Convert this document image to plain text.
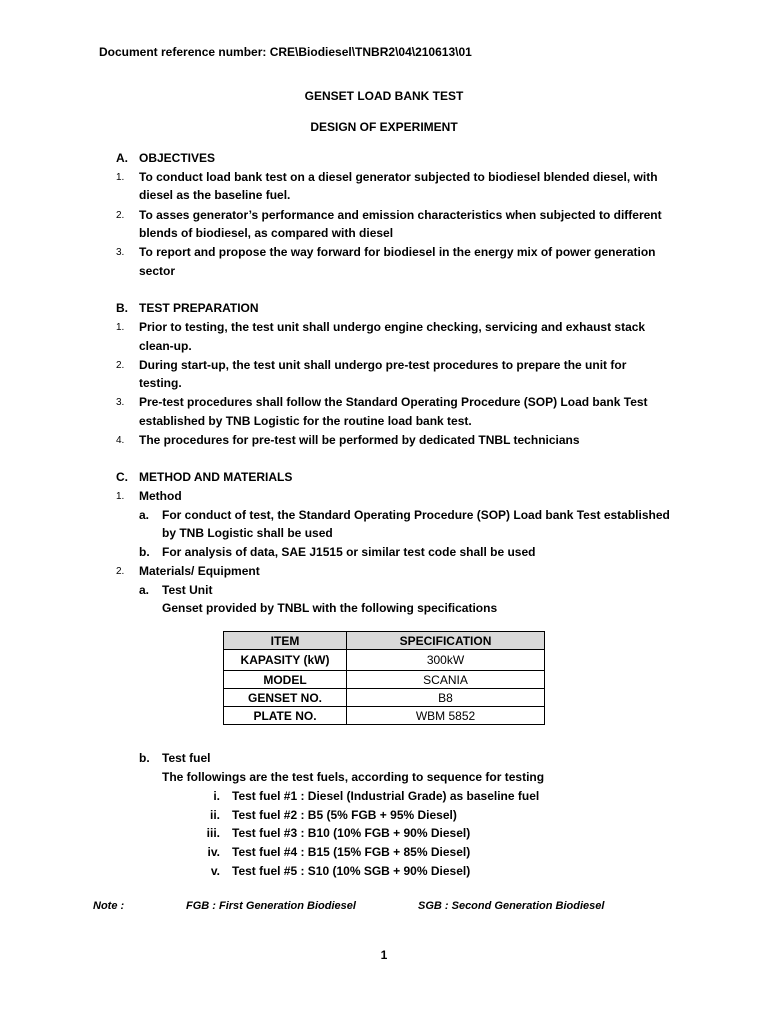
Document reference number: CRE\Biodiesel\TNBR2\04\210613\01
GENSET LOAD BANK TEST
DESIGN OF EXPERIMENT
A. OBJECTIVES
1. To conduct load bank test on a diesel generator subjected to biodiesel blended diesel, with
diesel as the baseline fuel.
2. To asses generator’s performance and emission characteristics when subjected to different
blends of biodiesel, as compared with diesel
3. To report and propose the way forward for biodiesel in the energy mix of power generation
sector
B. TEST PREPARATION
1. Prior to testing, the test unit shall undergo engine checking, servicing and exhaust stack
clean-up.
2. During start-up, the test unit shall undergo pre-test procedures to prepare the unit for
testing.
3. Pre-test procedures shall follow the Standard Operating Procedure (SOP) Load bank Test
established by TNB Logistic for the routine load bank test.
4. The procedures for pre-test will be performed by dedicated TNBL technicians
C. METHOD AND MATERIALS
1. Method
a. For conduct of test, the Standard Operating Procedure (SOP) Load bank Test established
by TNB Logistic shall be used
b. For analysis of data, SAE J1515 or similar test code shall be used
2. Materials/ Equipment
a. Test Unit
Genset provided by TNBL with the following specifications
ITEM	SPECIFICATION
KAPASITY (kW)	300kW
MODEL	SCANIA
GENSET NO.	B8
PLATE NO.	WBM 5852
b. Test fuel
The followings are the test fuels, according to sequence for testing
i. Test fuel #1 : Diesel (Industrial Grade) as baseline fuel
ii. Test fuel #2 : B5 (5% FGB + 95% Diesel)
iii. Test fuel #3 : B10 (10% FGB + 90% Diesel)
iv. Test fuel #4 : B15 (15% FGB + 85% Diesel)
v. Test fuel #5 : S10 (10% SGB + 90% Diesel)
Note :	FGB : First Generation Biodiesel	SGB : Second Generation Biodiesel
1
